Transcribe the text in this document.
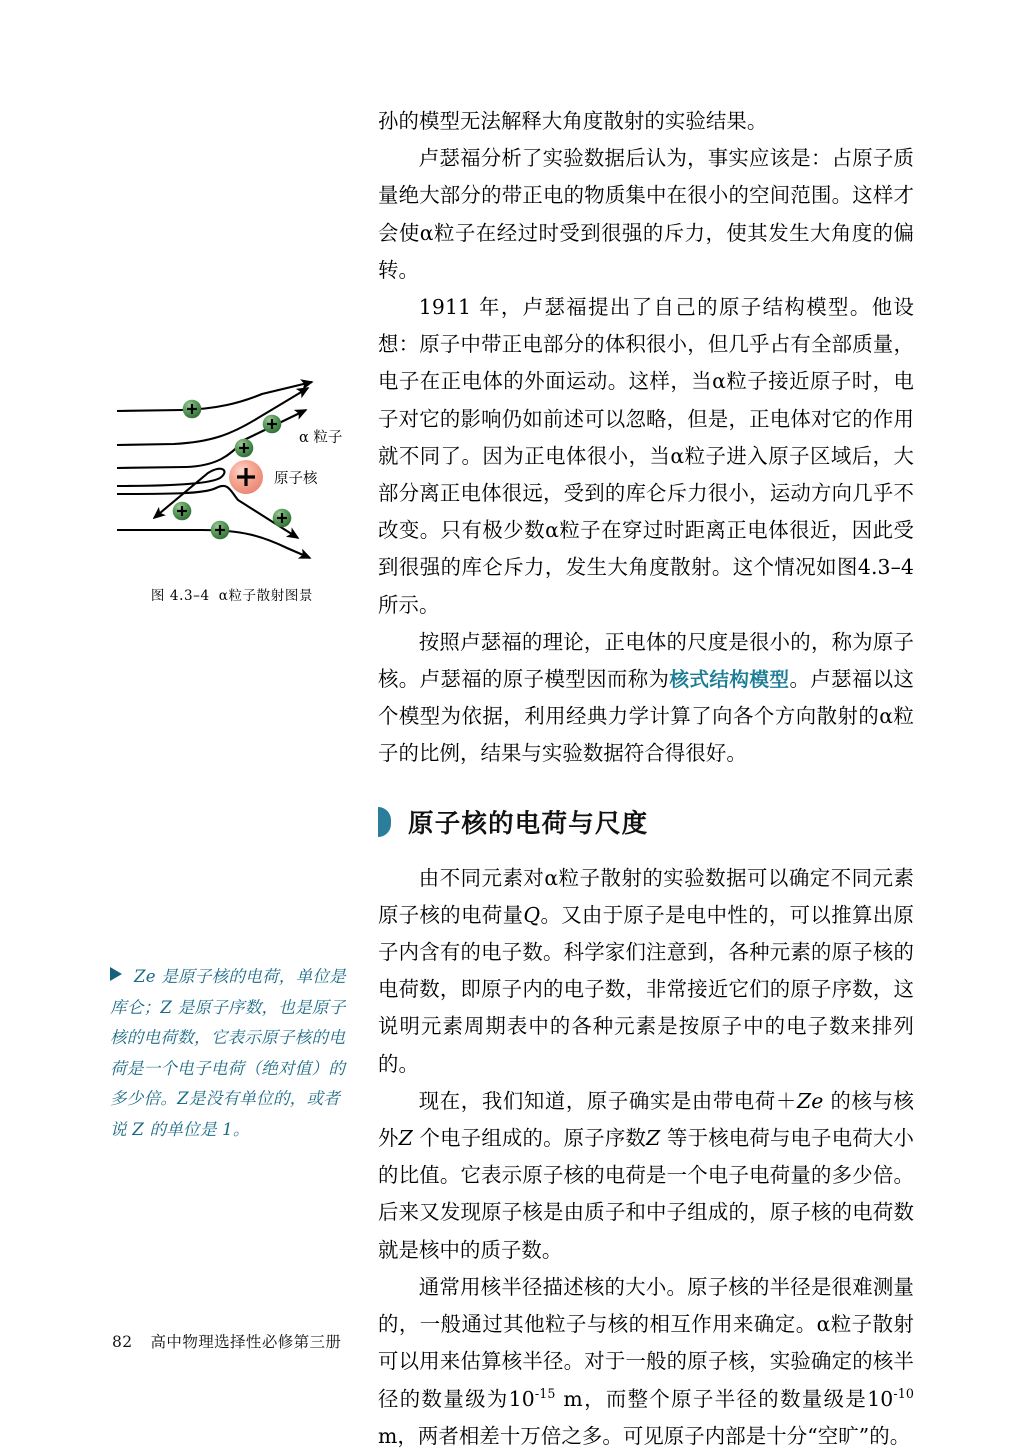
α 粒子
原子核
图 4.3–4 α粒子散射图景
Ze 是原子核的电荷，单位是库仑；Z 是原子序数，也是原子核的电荷数，它表示原子核的电荷是一个电子电荷（绝对值）的多少倍。Z是没有单位的，或者说 Z 的单位是 1。

孙的模型无法解释大角度散射的实验结果。

卢瑟福分析了实验数据后认为，事实应该是：占原子质量绝大部分的带正电的物质集中在很小的空间范围。这样才会使α粒子在经过时受到很强的斥力，使其发生大角度的偏转。

1911 年，卢瑟福提出了自己的原子结构模型。他设想：原子中带正电部分的体积很小，但几乎占有全部质量，电子在正电体的外面运动。这样，当α粒子接近原子时，电子对它的影响仍如前述可以忽略，但是，正电体对它的作用就不同了。因为正电体很小，当α粒子进入原子区域后，大部分离正电体很远，受到的库仑斥力很小，运动方向几乎不改变。只有极少数α粒子在穿过时距离正电体很近，因此受到很强的库仑斥力，发生大角度散射。这个情况如图4.3–4所示。

按照卢瑟福的理论，正电体的尺度是很小的，称为原子核。卢瑟福的原子模型因而称为核式结构模型。卢瑟福以这个模型为依据，利用经典力学计算了向各个方向散射的α粒子的比例，结果与实验数据符合得很好。

原子核的电荷与尺度

由不同元素对α粒子散射的实验数据可以确定不同元素原子核的电荷量Q。又由于原子是电中性的，可以推算出原子内含有的电子数。科学家们注意到，各种元素的原子核的电荷数，即原子内的电子数，非常接近它们的原子序数，这说明元素周期表中的各种元素是按原子中的电子数来排列的。

现在，我们知道，原子确实是由带电荷＋Ze 的核与核外Z 个电子组成的。原子序数Z 等于核电荷与电子电荷大小的比值。它表示原子核的电荷是一个电子电荷量的多少倍。后来又发现原子核是由质子和中子组成的，原子核的电荷数就是核中的质子数。

通常用核半径描述核的大小。原子核的半径是很难测量的，一般通过其他粒子与核的相互作用来确定。α粒子散射可以用来估算核半径。对于一般的原子核，实验确定的核半径的数量级为$10^{-15}$ m，而整个原子半径的数量级是$10^{-10}$ m，两者相差十万倍之多。可见原子内部是十分“空旷”的。

82 高中物理选择性必修第三册
